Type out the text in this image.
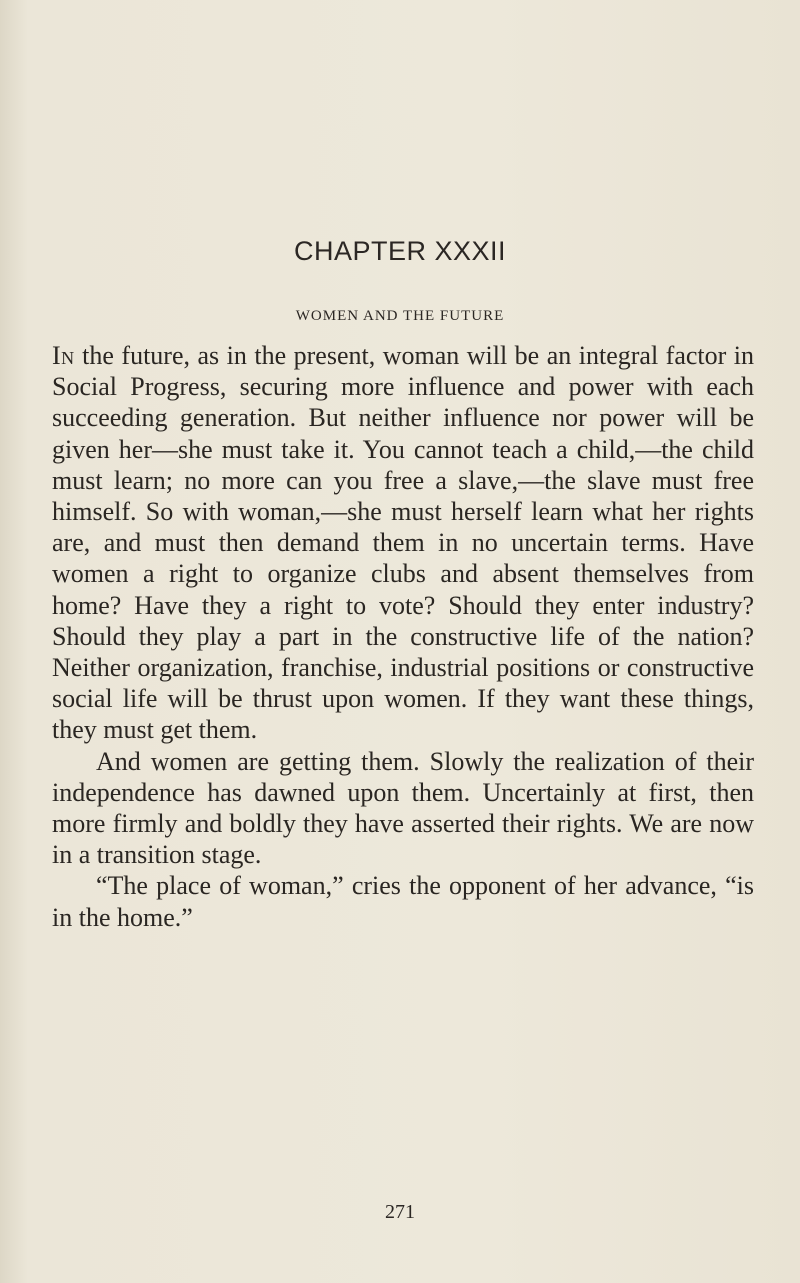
CHAPTER XXXII
WOMEN AND THE FUTURE

In the future, as in the present, woman will be an integral factor in Social Progress, securing more influence and power with each succeeding generation. But neither influence nor power will be given her—she must take it. You cannot teach a child,—the child must learn; no more can you free a slave,—the slave must free himself. So with woman,—she must herself learn what her rights are, and must then demand them in no uncertain terms. Have women a right to organize clubs and absent themselves from home? Have they a right to vote? Should they enter industry? Should they play a part in the constructive life of the nation? Neither organization, franchise, industrial positions or constructive social life will be thrust upon women. If they want these things, they must get them.

And women are getting them. Slowly the realization of their independence has dawned upon them. Uncertainly at first, then more firmly and boldly they have asserted their rights. We are now in a transition stage.

“The place of woman,” cries the opponent of her advance, “is in the home.”

271
